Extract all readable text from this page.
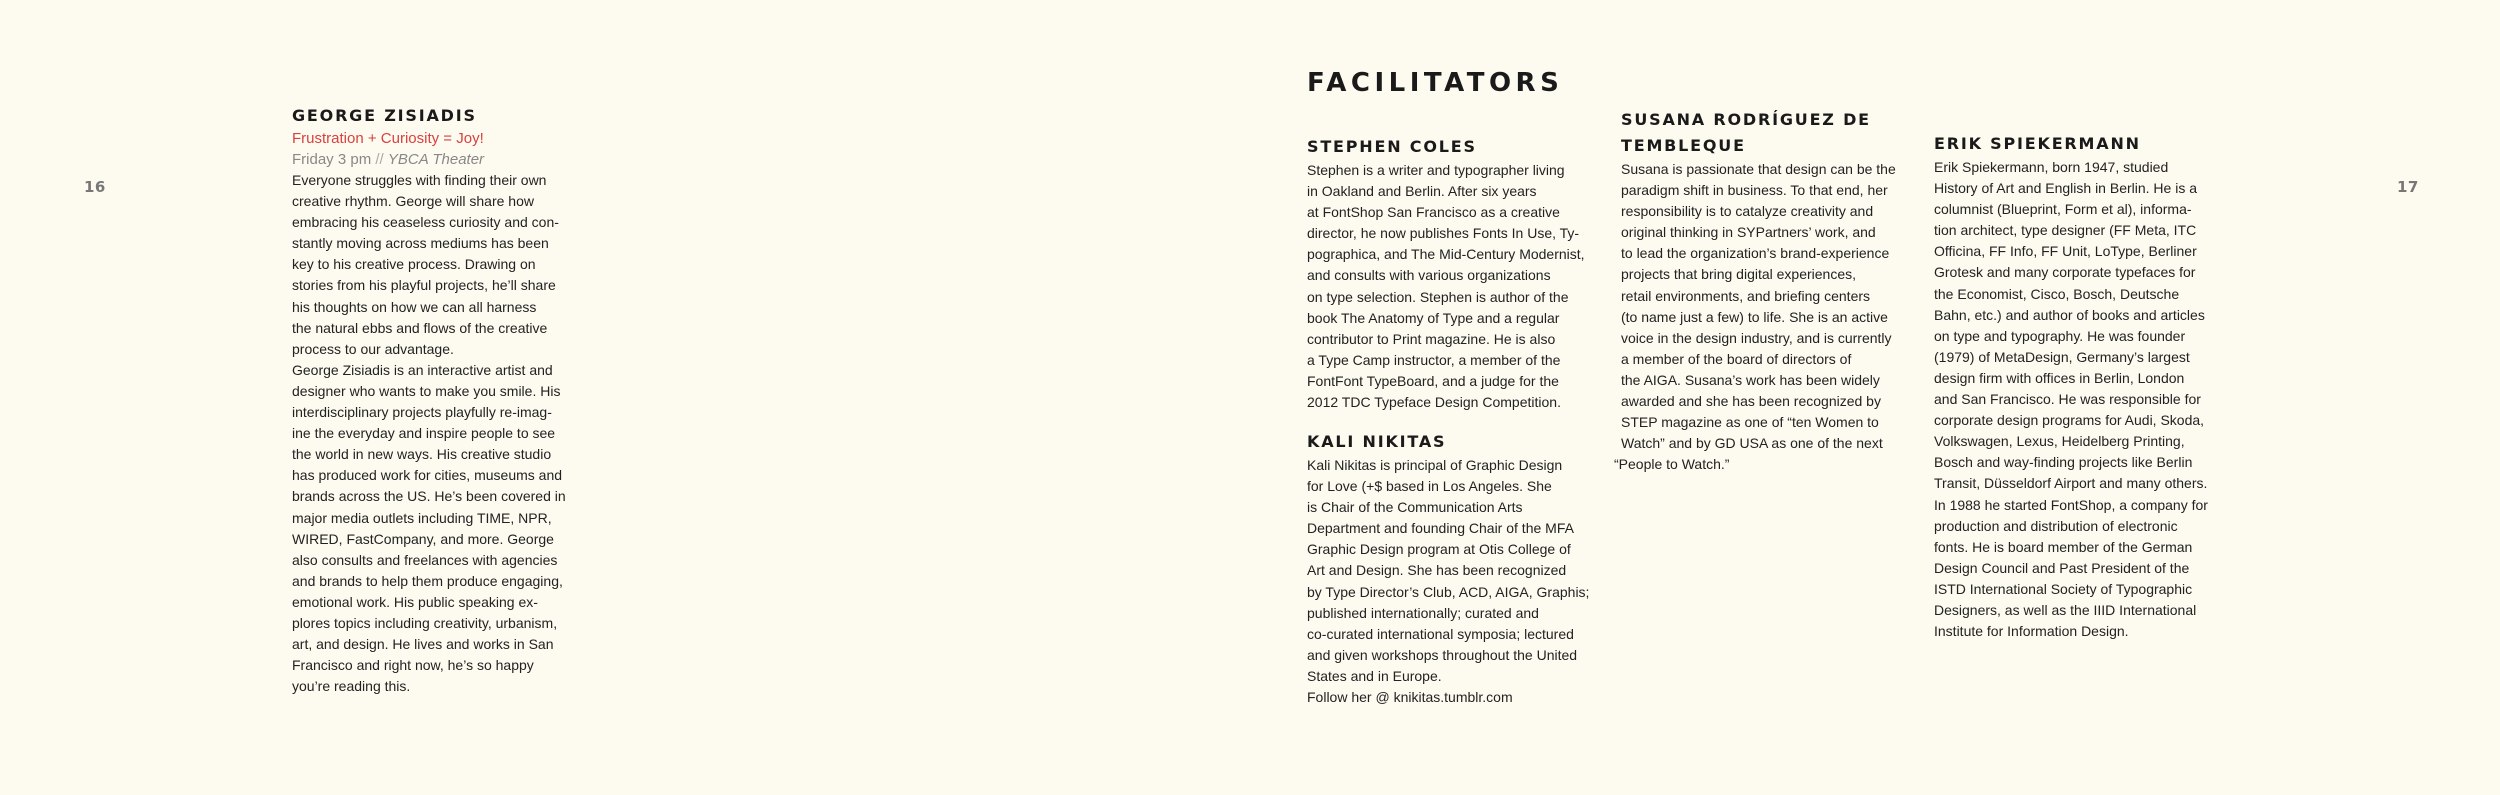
16	17
GEORGE ZISIADIS
Frustration + Curiosity = Joy!
Friday 3 pm // YBCA Theater

Everyone struggles with finding their own

creative rhythm. George will share how

embracing his ceaseless curiosity and con-

stantly moving across mediums has been

key to his creative process. Drawing on

stories from his playful projects, he’ll share

his thoughts on how we can all harness

the natural ebbs and flows of the creative

process to our advantage.

George Zisiadis is an interactive artist and

designer who wants to make you smile. His

interdisciplinary projects playfully re-imag-

ine the everyday and inspire people to see

the world in new ways. His creative studio

has produced work for cities, museums and

brands across the US. He’s been covered in

major media outlets including TIME, NPR,

WIRED, FastCompany, and more. George

also consults and freelances with agencies

and brands to help them produce engaging,

emotional work. His public speaking ex-

plores topics including creativity, urbanism,

art, and design. He lives and works in San

Francisco and right now, he’s so happy

you’re reading this.

FACILITATORS
STEPHEN COLES

Stephen is a writer and typographer living

in Oakland and Berlin. After six years

at FontShop San Francisco as a creative

director, he now publishes Fonts In Use, Ty-

pographica, and The Mid-Century Modernist,

and consults with various organizations

on type selection. Stephen is author of the

book The Anatomy of Type and a regular

contributor to Print magazine. He is also

a Type Camp instructor, a member of the

FontFont TypeBoard, and a judge for the

2012 TDC Typeface Design Competition.

KALI NIKITAS

Kali Nikitas is principal of Graphic Design

for Love (+$ based in Los Angeles. She

is Chair of the Communication Arts

Department and founding Chair of the MFA

Graphic Design program at Otis College of

Art and Design. She has been recognized

by Type Director’s Club, ACD, AIGA, Graphis;

published internationally; curated and

co-curated international symposia; lectured

and given workshops throughout the United

States and in Europe.

Follow her @ knikitas.tumblr.com

SUSANA RODRÍGUEZ DE
TEMBLEQUE

Susana is passionate that design can be the

paradigm shift in business. To that end, her

responsibility is to catalyze creativity and

original thinking in SYPartners’ work, and

to lead the organization’s brand-experience

projects that bring digital experiences,

retail environments, and briefing centers

(to name just a few) to life. She is an active

voice in the design industry, and is currently

a member of the board of directors of

the AIGA. Susana’s work has been widely

awarded and she has been recognized by

STEP magazine as one of “ten Women to

Watch” and by GD USA as one of the next

“People to Watch.”

ERIK SPIEKERMANN

Erik Spiekermann, born 1947, studied

History of Art and English in Berlin. He is a

columnist (Blueprint, Form et al), informa-

tion architect, type designer (FF Meta, ITC

Officina, FF Info, FF Unit, LoType, Berliner

Grotesk and many corporate typefaces for

the Economist, Cisco, Bosch, Deutsche

Bahn, etc.) and author of books and articles

on type and typography. He was founder

(1979) of MetaDesign, Germany’s largest

design firm with offices in Berlin, London

and San Francisco. He was responsible for

corporate design programs for Audi, Skoda,

Volkswagen, Lexus, Heidelberg Printing,

Bosch and way-finding projects like Berlin

Transit, Düsseldorf Airport and many others.

In 1988 he started FontShop, a company for

production and distribution of electronic

fonts. He is board member of the German

Design Council and Past President of the

ISTD International Society of Typographic

Designers, as well as the IIID International

Institute for Information Design.
